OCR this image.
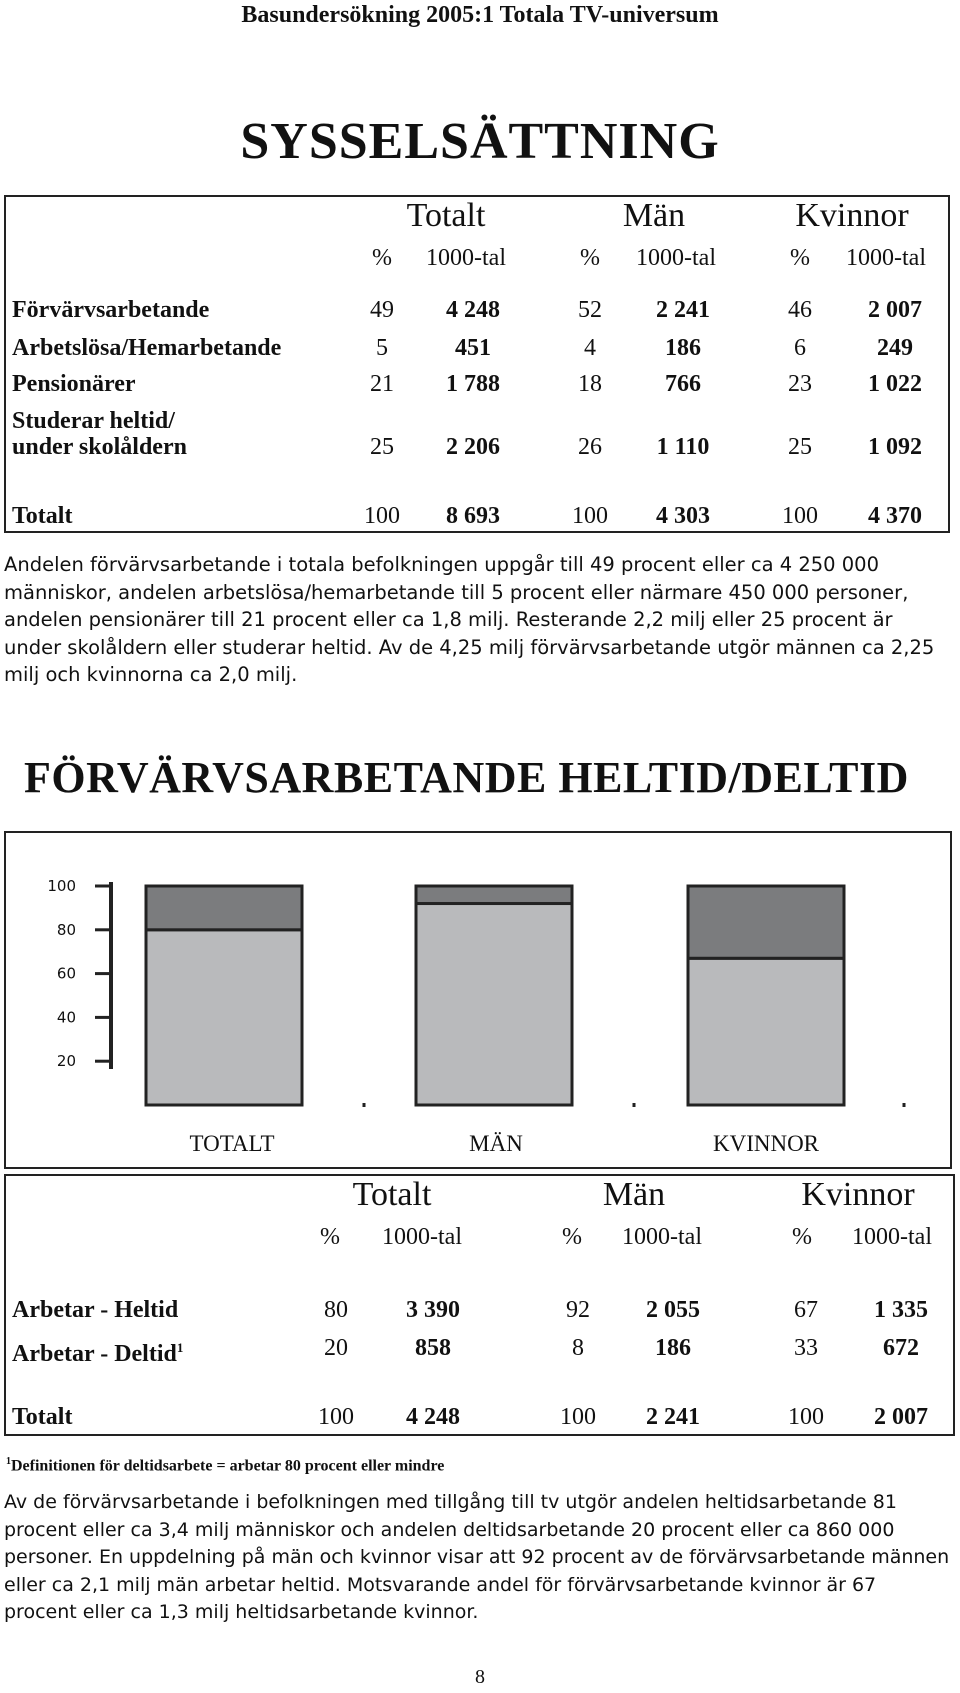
Basundersökning 2005:1 Totala TV-universum
SYSSELSÄTTNING
Totalt	Män	Kvinnor
% 1000-tal	% 1000-tal	% 1000-tal
Förvärvsarbetande	49	4 248	52	2 241	46	2 007
Arbetslösa/Hemarbetande	5	451	4	186	6	249
Pensionärer	21	1 788	18	766	23	1 022
Studerar heltid/
under skolåldern	25	2 206	26	1 110	25	1 092
Totalt	100	8 693	100	4 303	100	4 370
Andelen förvärvsarbetande i totala befolkningen uppgår till 49 procent eller ca 4 250 000 människor, andelen arbetslösa/hemarbetande till 5 procent eller närmare 450 000 personer, andelen pensionärer till 21 procent eller ca 1,8 milj. Resterande 2,2 milj eller 25 procent är under skolåldern eller studerar heltid. Av de 4,25 milj förvärvsarbetande utgör männen ca 2,25 milj och kvinnorna ca 2,0 milj.
FÖRVÄRVSARBETANDE HELTID/DELTID
100
80
60
40
20
TOTALT	MÄN	KVINNOR
Totalt	Män	Kvinnor
% 1000-tal	% 1000-tal	% 1000-tal
Arbetar - Heltid	80	3 390	92	2 055	67	1 335
Arbetar - Deltid$^1$	20	858	8	186	33	672
Totalt	100	4 248	100	2 241	100	2 007
$^1$Definitionen för deltidsarbete = arbetar 80 procent eller mindre
Av de förvärvsarbetande i befolkningen med tillgång till tv utgör andelen heltidsarbetande 81 procent eller ca 3,4 milj människor och andelen deltidsarbetande 20 procent eller ca 860 000 personer. En uppdelning på män och kvinnor visar att 92 procent av de förvärvsarbetande männen eller ca 2,1 milj män arbetar heltid. Motsvarande andel för förvärvsarbetande kvinnor är 67 procent eller ca 1,3 milj heltidsarbetande kvinnor.
8
